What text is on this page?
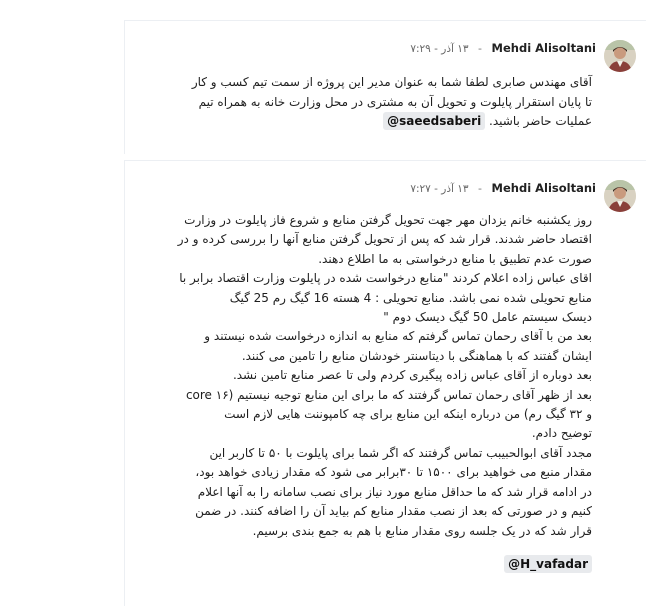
Mehdi Alisoltani - ۱۳ آذر - ۷:۲۹
آقای مهندس صابری لطفا شما به عنوان مدیر این پروژه از سمت تیم کسب و کار
تا پایان استقرار پایلوت و تحویل آن به مشتری در محل وزارت خانه به همراه تیم
عملیات حاضر باشید. @saeedsaberi
Mehdi Alisoltani - ۱۳ آذر - ۷:۲۷
روز یکشنبه خانم یزدان مهر جهت تحویل گرفتن منابع و شروع فاز پایلوت در وزارت
اقتصاد حاضر شدند. قرار شد که پس از تحویل گرفتن منابع آنها را بررسی کرده و در
صورت عدم تطبیق با منابع درخواستی به ما اطلاع دهند.
اقای عباس زاده اعلام کردند "منابع درخواست شده در پایلوت وزارت اقتصاد برابر با
منابع تحویلی شده نمی باشد. منابع تحویلی : 4 هسته 16 گیگ رم 25 گیگ
دیسک سیستم عامل 50 گیگ دیسک دوم "
بعد من با آقای رحمان تماس گرفتم که منابع به اندازه درخواست شده نیستند و
ایشان گفتند که با هماهنگی با دیتاسنتر خودشان منابع را تامین می کنند.
بعد دوباره از آقای عباس زاده پیگیری کردم ولی تا عصر منابع تامین نشد.
بعد از ظهر آقای رحمان تماس گرفتند که ما برای این منابع توجیه نیستیم (۱۶ core
و ۳۲ گیگ رم) من درباره اینکه این منابع برای چه کامپوننت هایی لازم است
توضیح دادم.
مجدد آقای ابوالحبیبب تماس گرفتند که اگر شما برای پایلوت با ۵۰ تا کاربر این
مقدار منبع می خواهید برای ۱۵۰۰ تا ۳۰برابر می شود که مقدار زیادی خواهد بود،
در ادامه قرار شد که ما حداقل منابع مورد نیاز برای نصب سامانه را به آنها اعلام
کنیم و در صورتی که بعد از نصب مقدار منابع کم بیاید آن را اضافه کنند. در ضمن
قرار شد که در یک جلسه روی مقدار منابع با هم به جمع بندی برسیم.
@H_vafadar
